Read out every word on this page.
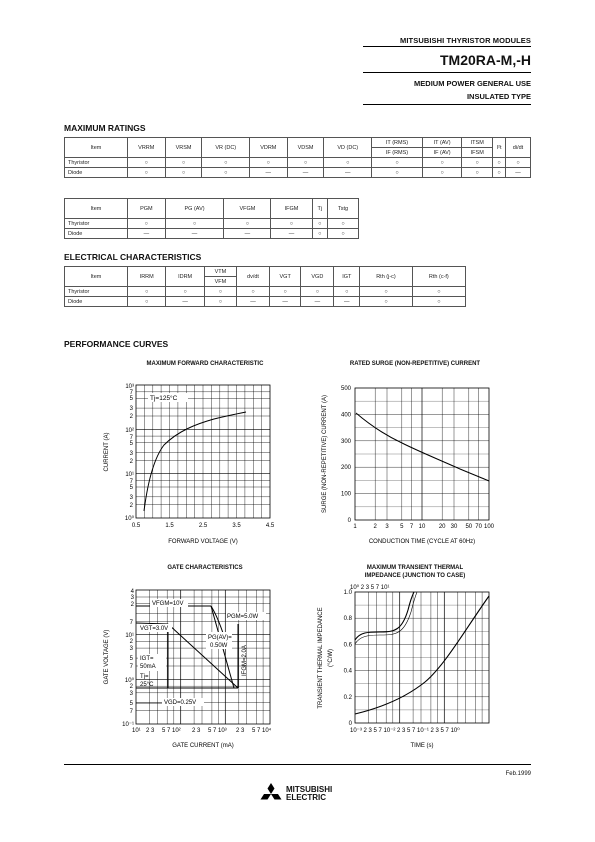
MITSUBISHI THYRISTOR MODULES
TM20RA-M,-H
MEDIUM POWER GENERAL USE
INSULATED TYPE
MAXIMUM RATINGS
Item	VRRM	VRSM	VR (DC)	VDRM	VDSM	VD (DC)	IT (RMS)	IT (AV)	ITSM	I²t	di/dt
							IF (RMS)	IF (AV)	IFSM		
Thyristor	○	○	○	○	○	○	○	○	○	○	○
Diode	○	○	○	—	—	—	○	○	○	○	—
Item	PGM	PG (AV)	VFGM	IFGM	Tj	Tstg
Thyristor	○	○	○	○	○	○
Diode	—	—	—	—	○	○
ELECTRICAL CHARACTERISTICS
Item	IRRM	IDRM	VTM	dv/dt	VGT	VGD	IGT	Rth (j-c)	Rth (c-f)
			VFM						
Thyristor	○	○	○	○	○	○	○	○	○
Diode	○	—	○	—	—	—	—	○	○
PERFORMANCE CURVES
MAXIMUM FORWARD CHARACTERISTIC
Tj=125°C
10⁰
10¹
10²
10³
2
3
5
7
2
3
5
7
2
3
5
7
0.5	1.5	2.5	3.5	4.5
FORWARD VOLTAGE (V)
CURRENT (A)
RATED SURGE (NON-REPETITIVE) CURRENT
0
100
200
300
400
500
1	2 3 5 7 10 20 30 50 70 100
CONDUCTION TIME (CYCLE AT 60Hz)
SURGE (NON-REPETITIVE) CURRENT (A)
GATE CHARACTERISTICS
VFGM=10V
PGM=5.0W
VGT=3.0V
PG(AV)=
0.50W
IGT=
50mA
Tj=
25°C
IFGM=2.0A
VGD=0.25V
4
3
2
10¹
10⁰
10⁻¹
7
2
3
5
7
2
3
5
7
10¹ 2 3 5 7 10² 2 3 5 7 10³ 2 3 5 7 10⁴
GATE CURRENT (mA)
GATE VOLTAGE (V)
MAXIMUM TRANSIENT THERMAL
IMPEDANCE (JUNCTION TO CASE)
10⁰ 2 3 5 7 10¹
0
0.2
0.4
0.6
0.8
1.0
10⁻³ 2 3 5 7 10⁻² 2 3 5 7 10⁻¹ 2 3 5 7 10⁰
TIME (s)
TRANSIENT THERMAL IMPEDANCE (°C/W)
Feb.1999
MITSUBISHI
ELECTRIC
